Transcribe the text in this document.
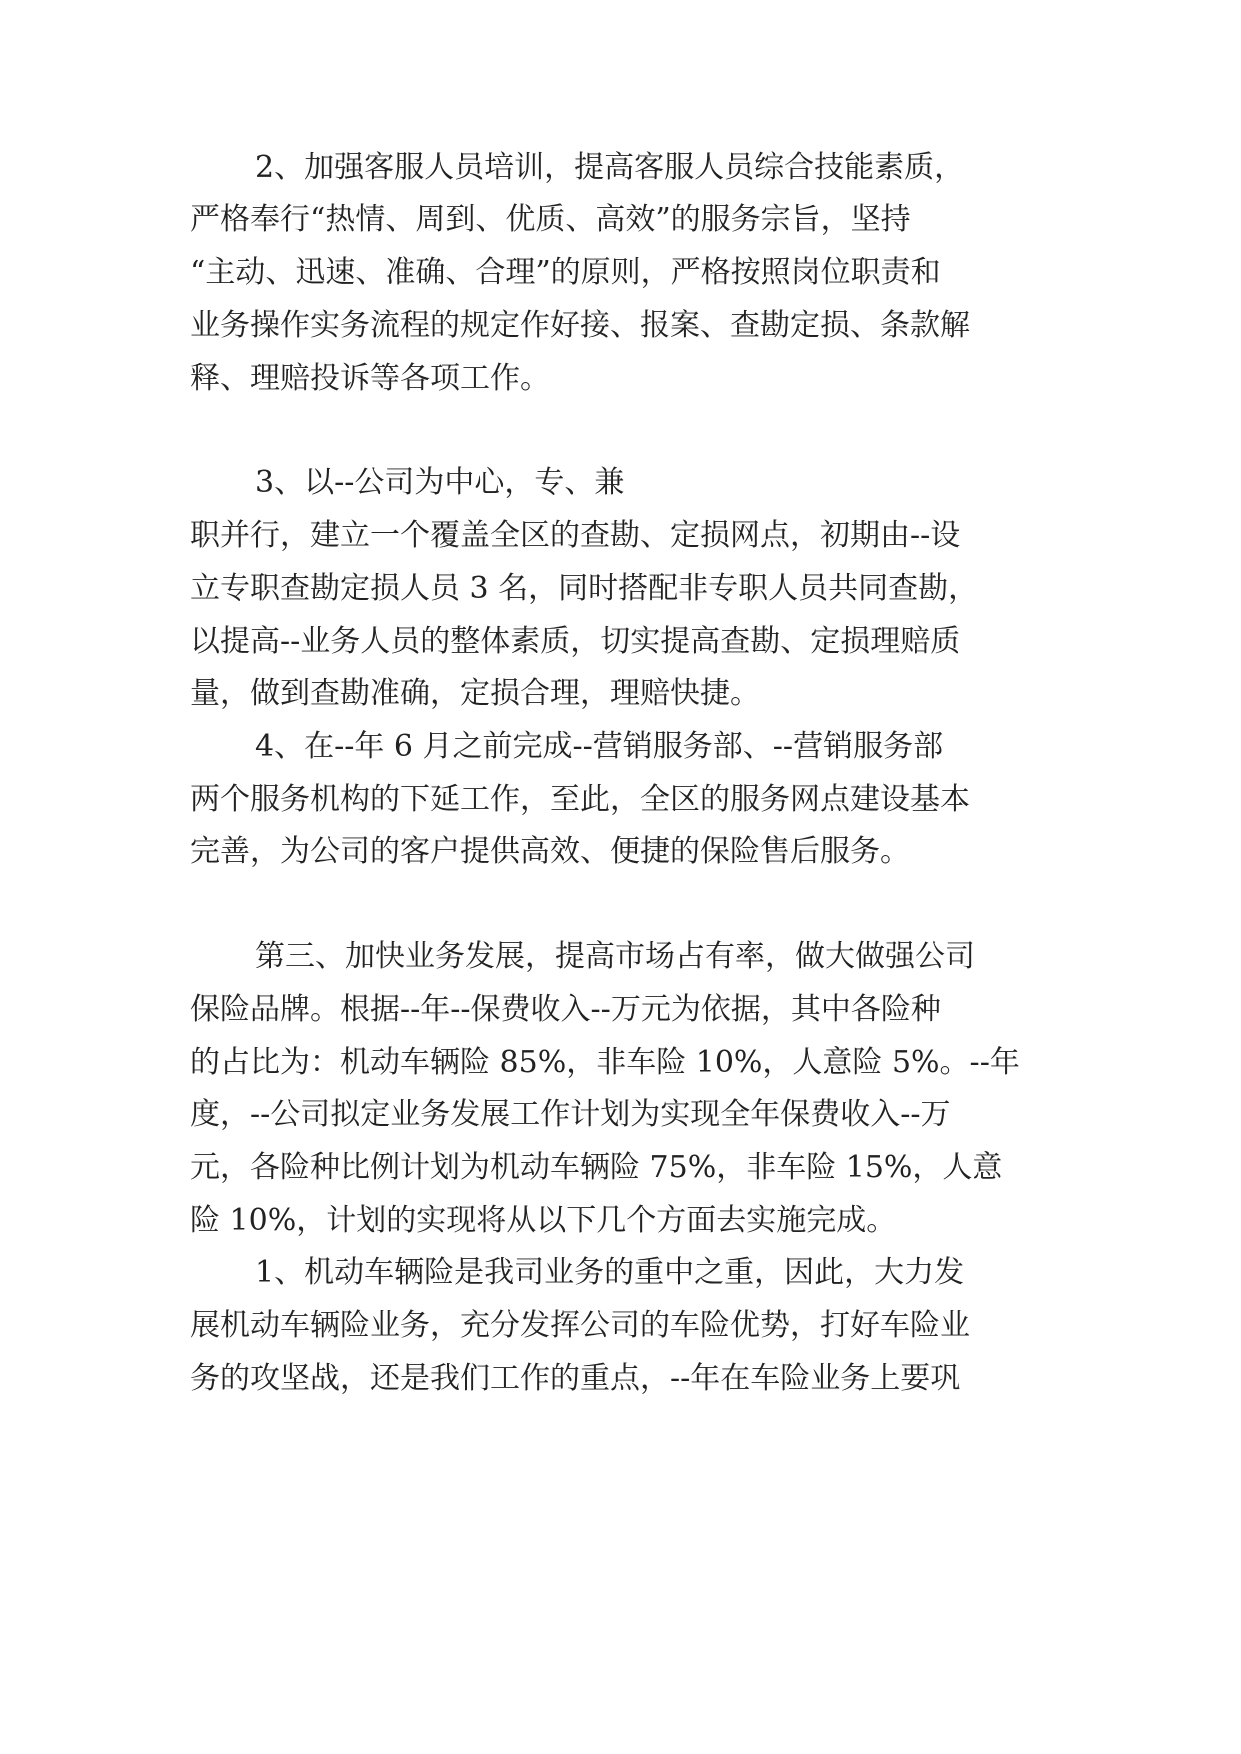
2、加强客服人员培训，提高客服人员综合技能素质，
严格奉行“热情、周到、优质、高效”的服务宗旨，坚持
“主动、迅速、准确、合理”的原则，严格按照岗位职责和
业务操作实务流程的规定作好接、报案、查勘定损、条款解
释、理赔投诉等各项工作。
3、以--公司为中心，专、兼
职并行，建立一个覆盖全区的查勘、定损网点，初期由--设
立专职查勘定损人员 3 名，同时搭配非专职人员共同查勘，
以提高--业务人员的整体素质，切实提高查勘、定损理赔质
量，做到查勘准确，定损合理，理赔快捷。
4、在--年 6 月之前完成--营销服务部、--营销服务部
两个服务机构的下延工作，至此，全区的服务网点建设基本
完善，为公司的客户提供高效、便捷的保险售后服务。
第三、加快业务发展，提高市场占有率，做大做强公司
保险品牌。根据--年--保费收入--万元为依据，其中各险种
的占比为：机动车辆险 85%，非车险 10%，人意险 5%。--年
度，--公司拟定业务发展工作计划为实现全年保费收入--万
元，各险种比例计划为机动车辆险 75%，非车险 15%，人意
险 10%，计划的实现将从以下几个方面去实施完成。
1、机动车辆险是我司业务的重中之重，因此，大力发
展机动车辆险业务，充分发挥公司的车险优势，打好车险业
务的攻坚战，还是我们工作的重点，--年在车险业务上要巩
